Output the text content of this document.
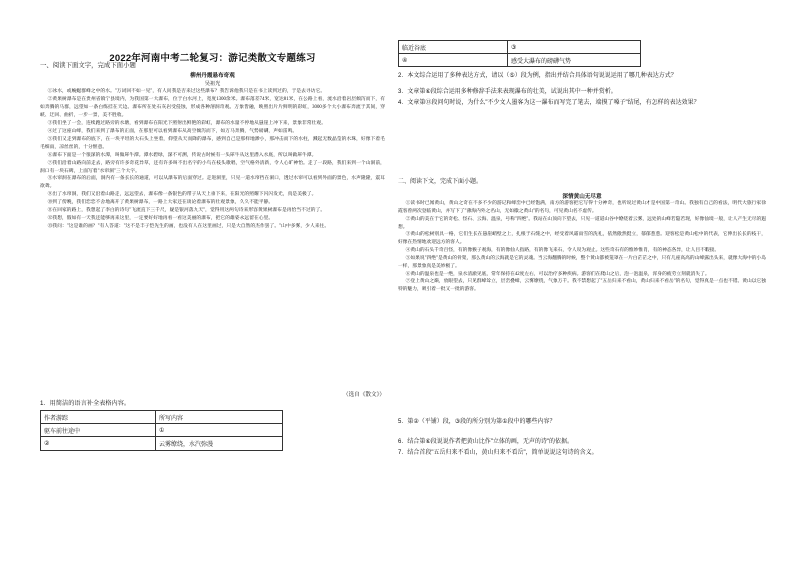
2022年河南中考二轮复习：游记类散文专题练习
一、阅读下面文字，完成下面小题
柳州丹霞悬布奇观
吴祖光

①冰水，或蜿蜒群峰之中的水。"万词回不如一见"，有人问我是否来过这些瀑布？我告诉他我只是在书上读到过的，于是去寻访它。

②黄果树瀑布是在贵州省镇宁县境内，为我国第一大瀑布，位于白水河上，宽度1300余米。瀑布落差74米，宽达81米，在公路上看，流水沿着岩层倾泻而下，有如奔腾的马群，远望如一条白练挂在天边。瀑布所在处石灰岩受侵蚀，形成各种溶洞奇观。万象皆融，映照出片片鲜明的彩虹，3000多个大小瀑布奔流于其间，穿峡、迂回、曲折，一步一景，美不胜收。

③我们坐了一会，连续跑过路旁的水塘，看到瀑布在阳光下照射出鲜艳的彩虹，瀑布的水量不停地从悬崖上冲下来，景象非常壮观。

④过了这座山峰，我们来到了瀑布的正面，在那里可以看到瀑布从高空倾泻而下，如万马奔腾，气势磅礴，声如雷鸣。

⑤我们又走到瀑布的底下，在一块平坦的大石头上坐着，仰望从天而降的瀑布，感到自己是那样地渺小，那冲击而下的水柱，溅起无数晶莹的水珠，好像下着毛毛细雨，凉丝丝的，十分惬意。

⑥瀑布下面是一个很深的水潭，叫做犀牛潭。潭水碧绿，深不可测，传说古时候有一头犀牛从这里潜入水底，所以叫做犀牛潭。

⑦我们沿着山路向前走去，路旁有许多奇花异草，还有许多叫不出名字的小鸟在枝头歌唱，空气格外清新，令人心旷神怡。走了一段路，我们来到一个山洞前，洞口有一块石碑，上面写着"水帘洞"三个大字。

⑧水帘洞在瀑布的后面，洞内有一条长长的通道，可以从瀑布的后面穿过。走进洞里，只见一道水帘挡在洞口，透过水帘可以看到外面的景色，水声隆隆，震耳欲聋。

⑨出了水帘洞，我们又沿着山路走，远远望去，瀑布像一条银色的带子从天上垂下来，在阳光的照耀下闪闪发光，真是美极了。

⑩到了傍晚，我们恋恋不舍地离开了黄果树瀑布，一路上大家还在谈论着瀑布的壮观景象，久久不能平静。

⑪在回家的路上，我想起了李白的诗句"飞流直下三千尺，疑是银河落九天"，觉得用这两句诗来形容黄果树瀑布是再恰当不过的了。

⑫我想，假如有一天我还能够再来这里，一定要好好地再看一看这美丽的瀑布，把它的雄姿永远留在心里。

⑬我问："这是谁的画？"有人答道："这不是丰子恺先生的画，也没有人在这里画过，只是大自然的杰作罢了。"山中多雾，少人来往。

（选自《散文》）
1．用简洁的语言补全表格内容。
作者游踪	所写内容
驱车前往途中	①
②	云雾缭绕，水汽弥漫
临近谷底	③
④	感受大瀑布的磅礴气势
2．本文综合运用了多种表达方式，请以（⑤）段为例，指出并结合具体语句说说运用了哪几种表达方式？
3．文章第⑥段综合运用多种修辞手法来表现瀑布的壮美，试说出其中一种并赏析。
4．文章第⑬段问句时说，为什么"不少文人墨客为这一瀑布而写完了笔去，端摸了嗓子"结尾，有怎样的表达效果？
二、阅读下文，完成下面小题。
深情黄山无尽意

①读书时已闻黄山，黄山之奇在不多不少的游记和峰峦中已经饱满，南方的游客把它写得十分神奇，也听说过黄山才是中国第一奇山。我独有自己的看法，明代大旅行家徐霞客曾两次登临黄山，并写下了"薄海内外之名山，无如徽之黄山"的名句，可见黄山名不虚传。

②黄山的美在于它的奇松、怪石、云海、温泉，号称"四绝"。我站在山顶向下望去，只见一道道山谷中缭绕着云雾，远处的山峰若隐若现，好像仙境一般，让人产生无尽的遐想。

③黄山的松树别具一格，它们生长在悬崖峭壁之上，扎根于石缝之中，经受着风霜雨雪的洗礼，依然傲然挺立，郁郁葱葱。迎客松是黄山松中的代表，它伸出长长的枝干，好像在热情地欢迎远方的客人。

④黄山的石头千奇百怪，有的像猴子观海，有的像仙人指路，有的像飞来石，令人叹为观止。这些奇石有的惟妙惟肖，有的神态各异，让人目不暇接。

⑤如果说"四绝"是黄山的骨架，那么黄山的云海就是它的灵魂。当云海翻腾的时候，整个黄山都被笼罩在一片白茫茫之中，只有几座高高的山峰露出头来，就像大海中的小岛一样，那景象真是美妙极了。

⑥黄山的温泉也是一绝，泉水清澈见底，常年保持在42度左右，可以治疗多种疾病。游客们在爬山之后，泡一泡温泉，浑身的疲劳立刻就消失了。

⑦登上黄山之巅，放眼望去，只见群峰耸立，层峦叠嶂，云雾缭绕，气象万千。我不禁想起了"五岳归来不看山，黄山归来不看岳"的名句，觉得真是一点也不错。黄山以它独特的魅力，吸引着一批又一批的游客。

5．第②（平铺）段，③段的所分别为第①段中的哪些内容？
6．结合第⑥段说说作者把黄山比作"立体的画，无声的诗"的依据。
7．结合首段"五岳归来不看山，黄山归来不看岳"，简单说说这句诗的含义。
